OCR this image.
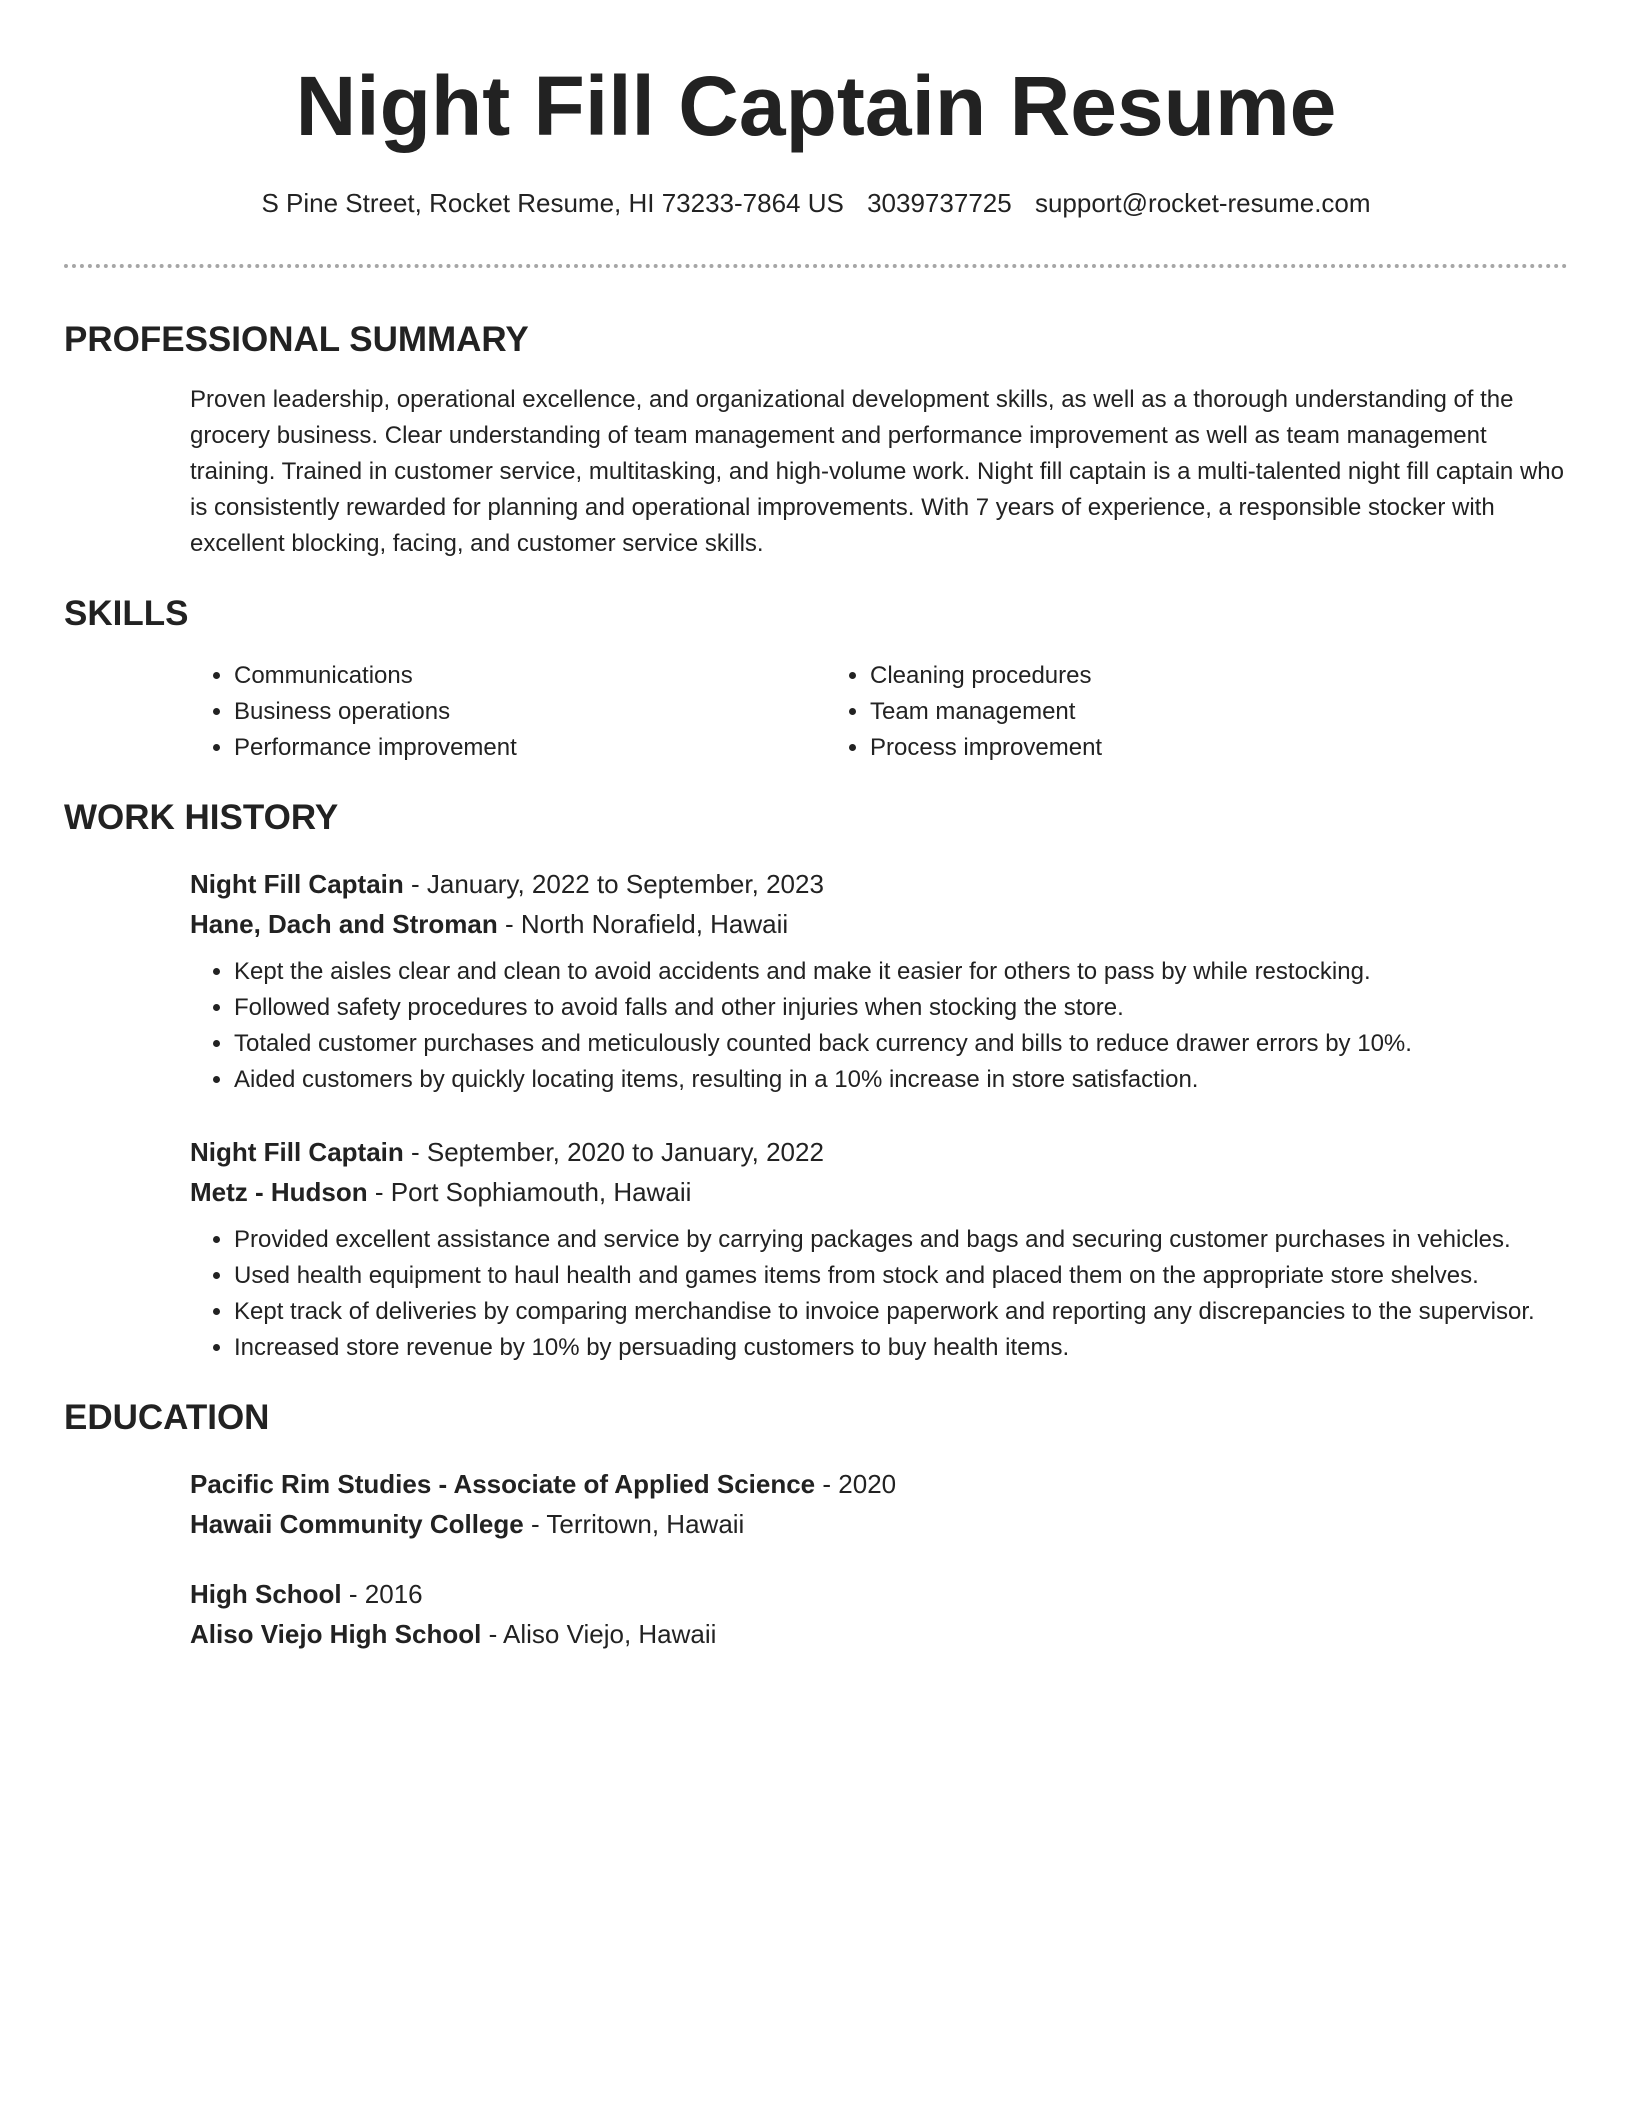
Night Fill Captain Resume
S Pine Street, Rocket Resume, HI 73233-7864 US 3039737725 support@rocket-resume.com
PROFESSIONAL SUMMARY
Proven leadership, operational excellence, and organizational development skills, as well as a thorough understanding of the grocery business. Clear understanding of team management and performance improvement as well as team management training. Trained in customer service, multitasking, and high-volume work. Night fill captain is a multi-talented night fill captain who is consistently rewarded for planning and operational improvements. With 7 years of experience, a responsible stocker with excellent blocking, facing, and customer service skills.
SKILLS
• Communications
• Business operations
• Performance improvement
• Cleaning procedures
• Team management
• Process improvement
WORK HISTORY
Night Fill Captain - January, 2022 to September, 2023
Hane, Dach and Stroman - North Norafield, Hawaii
• Kept the aisles clear and clean to avoid accidents and make it easier for others to pass by while restocking.
• Followed safety procedures to avoid falls and other injuries when stocking the store.
• Totaled customer purchases and meticulously counted back currency and bills to reduce drawer errors by 10%.
• Aided customers by quickly locating items, resulting in a 10% increase in store satisfaction.
Night Fill Captain - September, 2020 to January, 2022
Metz - Hudson - Port Sophiamouth, Hawaii
• Provided excellent assistance and service by carrying packages and bags and securing customer purchases in vehicles.
• Used health equipment to haul health and games items from stock and placed them on the appropriate store shelves.
• Kept track of deliveries by comparing merchandise to invoice paperwork and reporting any discrepancies to the supervisor.
• Increased store revenue by 10% by persuading customers to buy health items.
EDUCATION
Pacific Rim Studies - Associate of Applied Science - 2020
Hawaii Community College - Territown, Hawaii
High School - 2016
Aliso Viejo High School - Aliso Viejo, Hawaii
